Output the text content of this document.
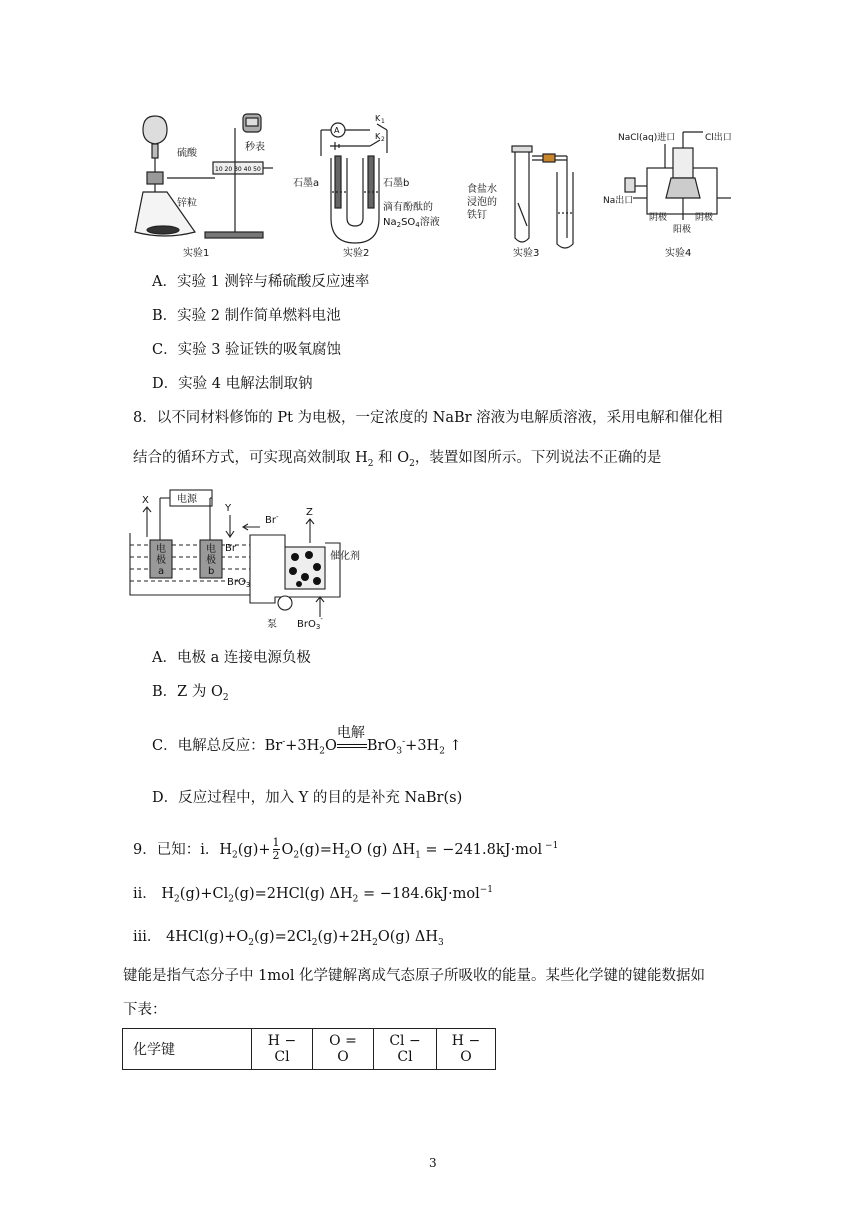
硫酸
秒表
锌粒
10 20 30 40 50
实验1
A
K 1
K 2
石墨a	石墨b
滴有酚酞的
$Na_2SO_4$溶液
实验2
食盐水
浸泡的
铁钉
实验3
NaCl(aq)进口	Cl出口
Na出口
阴极	阴极
阳极
实验4
A．实验 1 测锌与稀硫酸反应速率
B．实验 2 制作简单燃料电池
C．实验 3 验证铁的吸氧腐蚀
D．实验 4 电解法制取钠
8．以不同材料修饰的 Pt 为电极，一定浓度的 NaBr 溶液为电解质溶液，采用电解和催化相
结合的循环方式，可实现高效制取 $H_2$ 和 $O_2$，装置如图所示。下列说法不正确的是
电源
X
Y	Z
Br-
电
极
a
电
极
b
Br
BrO$_3$
催化剂
泵 BrO$_3$-
A．电极 a 连接电源负极
B．Z 为 $O_2$
C．电解总反应：$Br^-+3H_2O$
电解
$BrO_3^-+3H_2$ ↑
D．反应过程中，加入 Y 的目的是补充 NaBr(s)
9．已知：i．$H_2(g)+ \frac{1}{2} O_2(g)=H_2O$ (g) $\Delta H_1 = -241.8kJ\cdot mol$ $^{-1}$
ii． $H_2(g)+Cl_2(g)=2HCl(g) \Delta H_2 = -184.6kJ\cdot mol^{-1}$
iii． $4HCl(g)+O_2(g)=2Cl_2(g)+2H_2O(g)$ $\Delta H_3$
键能是指气态分子中 1mol 化学键解离成气态原子所吸收的能量。某些化学键的键能数据如
下表：
化学键	H − Cl	O = O	Cl − Cl	H − O
3
